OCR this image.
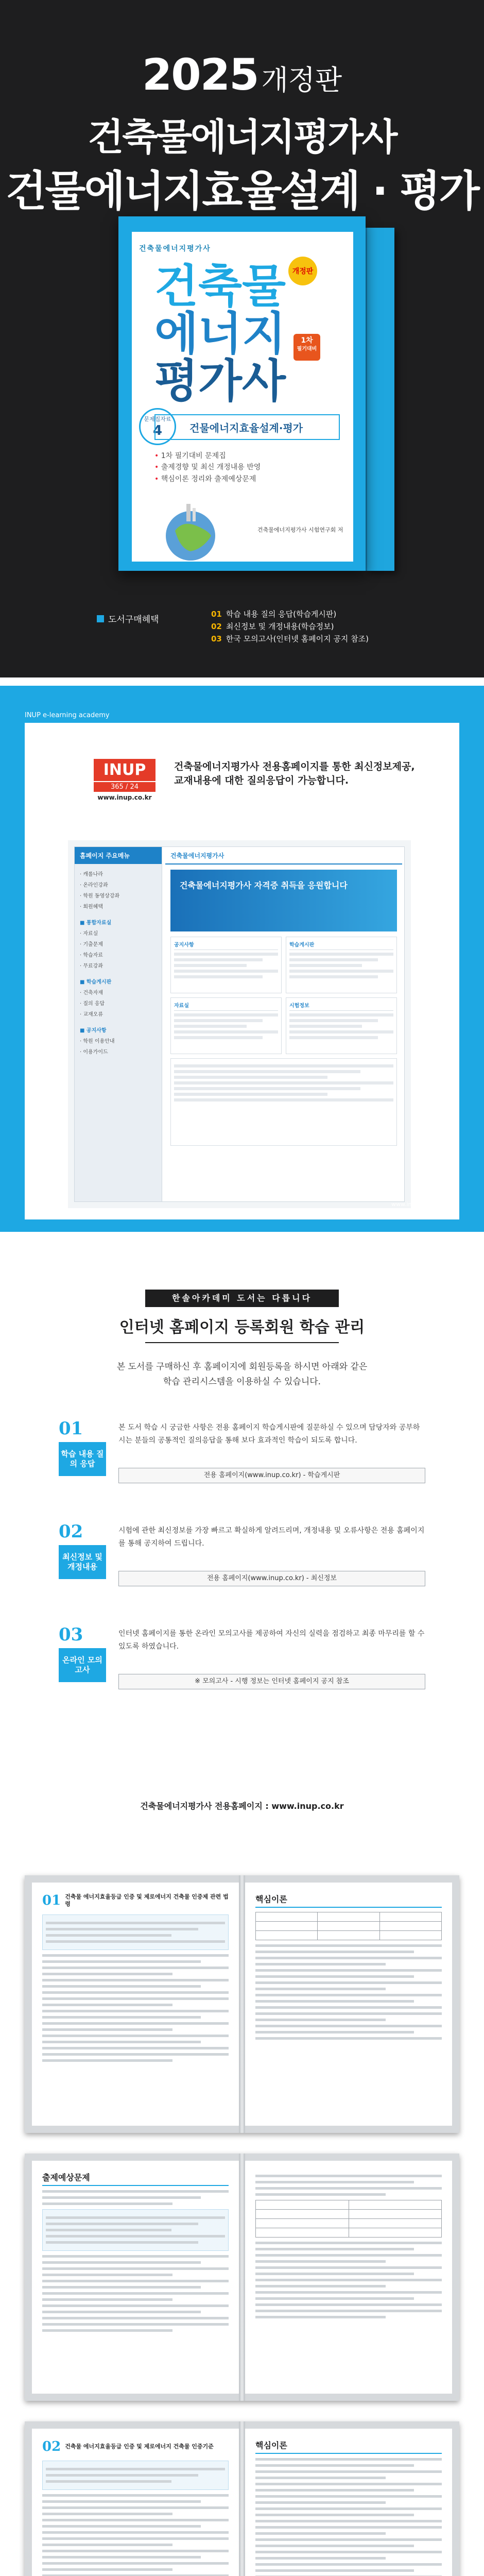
2025 개정판
건축물에너지평가사
건물에너지효율설계 · 평가
건축물에너지평가사
건축물
에너지
평가사
개정판
1차
필기대비
문제집자료
4	건물에너지효율설계·평가
• 1차 필기대비 문제집
• 출제경향 및 최신 개정내용 반영
• 핵심이론 정리와 출제예상문제
건축물에너지평가사 시험연구회 저
도서구매혜택
01 학습 내용 질의 응답(학습게시판)
02 최신정보 및 개정내용(학습정보)
03 한국 모의고사(인터넷 홈페이지 공지 참조)
INUP e-learning academy
INUP
365 / 24
www.inup.co.kr
건축물에너지평가사 전용홈페이지를 통한 최신정보제공, 교재내용에 대한 질의응답이 가능합니다.
홈페이지 주요메뉴
· 캐롤나라
· 온라인강좌
· 학원 동영상강좌
· 회원혜택
■ 통합자료실
· 자료실
· 기출문제
· 학습자료
· 무료강좌
■ 학습게시판
· 건축자재
· 질의 응답
· 교재오류
■ 공지사항
· 학원 이용안내
· 이용가이드
건축물에너지평가사
건축물에너지평가사 자격증 취득을 응원합니다
공지사항	학습게시판
자료실	시험정보
www.inup.co.kr
한솔아카데미 도서는 다릅니다
인터넷 홈페이지 등록회원 학습 관리
본 도서를 구매하신 후 홈페이지에 회원등록을 하시면 아래와 같은
학습 관리시스템을 이용하실 수 있습니다.
01
학습 내용 질의 응답
본 도서 학습 시 궁금한 사항은 전용 홈페이지 학습게시판에 질문하실 수 있으며 담당자와 공부하시는 분들의 공통적인 질의응답을 통해 보다 효과적인 학습이 되도록 합니다.
전용 홈페이지(www.inup.co.kr) - 학습게시판
02
최신정보 및 개정내용
시험에 관한 최신정보를 가장 빠르고 확실하게 알려드리며, 개정내용 및 오류사항은 전용 홈페이지를 통해 공지하여 드립니다.
전용 홈페이지(www.inup.co.kr) - 최신정보
03
온라인 모의고사
인터넷 홈페이지를 통한 온라인 모의고사를 제공하여 자신의 실력을 점검하고 최종 마무리를 할 수 있도록 하였습니다.
※ 모의고사 - 시행 정보는 인터넷 홈페이지 공지 참조
건축물에너지평가사 전용홈페이지 : www.inup.co.kr
01 건축물 에너지효율등급 인증 및 제로에너지 건축물 인증제 관련 법령	핵심이론

출제예상문제

02 건축물 에너지효율등급 인증 및 제로에너지 건축물 인증기준	핵심이론
